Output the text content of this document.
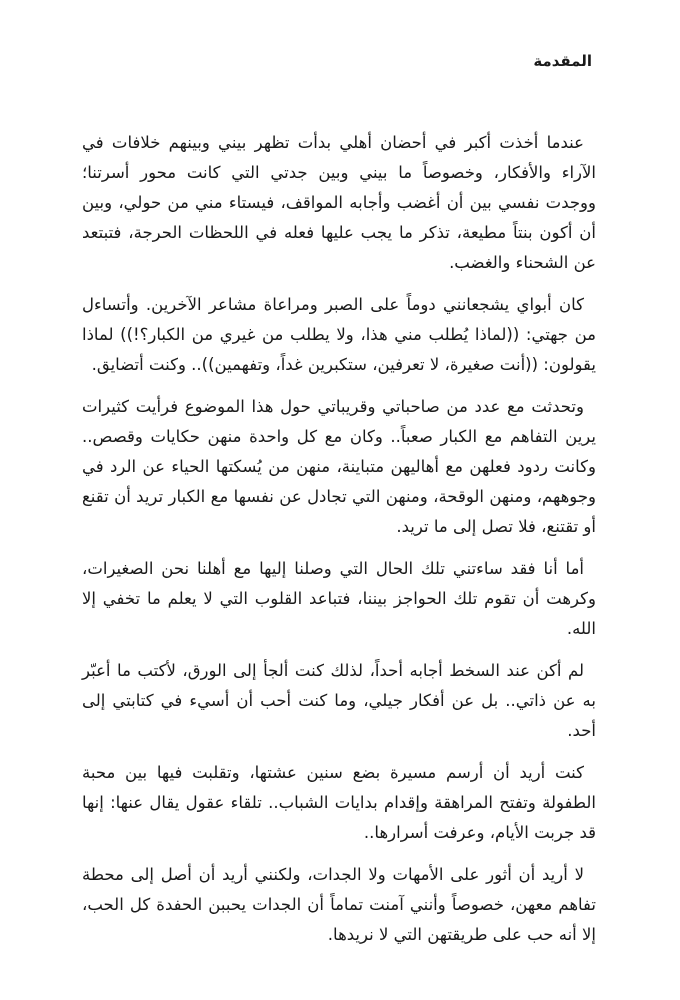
المقدمة

عندما أخذت أكبر في أحضان أهلي بدأت تظهر بيني وبينهم خلافات في الآراء والأفكار، وخصوصاً ما بيني وبين جدتي التي كانت محور أسرتنا؛ ووجدت نفسي بين أن أغضب وأجابه المواقف، فيستاء مني من حولي، وبين أن أكون بنتاً مطيعة، تذكر ما يجب عليها فعله في اللحظات الحرجة، فتبتعد عن الشحناء والغضب.

كان أبواي يشجعانني دوماً على الصبر ومراعاة مشاعر الآخرين. وأتساءل من جهتي: ((لماذا يُطلب مني هذا، ولا يطلب من غيري من الكبار؟!)) لماذا يقولون: ((أنت صغيرة، لا تعرفين، ستكبرين غداً، وتفهمين)).. وكنت أتضايق.

وتحدثت مع عدد من صاحباتي وقريباتي حول هذا الموضوع فرأيت كثيرات يرين التفاهم مع الكبار صعباً.. وكان مع كل واحدة منهن حكايات وقصص.. وكانت ردود فعلهن مع أهاليهن متباينة، منهن من يُسكتها الحياء عن الرد في وجوههم، ومنهن الوقحة، ومنهن التي تجادل عن نفسها مع الكبار تريد أن تقنع أو تقتنع، فلا تصل إلى ما تريد.

أما أنا فقد ساءتني تلك الحال التي وصلنا إليها مع أهلنا نحن الصغيرات، وكرهت أن تقوم تلك الحواجز بيننا، فتباعد القلوب التي لا يعلم ما تخفي إلا الله.

لم أكن عند السخط أجابه أحداً، لذلك كنت ألجأ إلى الورق، لأكتب ما أعبّر به عن ذاتي.. بل عن أفكار جيلي، وما كنت أحب أن أسيء في كتابتي إلى أحد.

كنت أريد أن أرسم مسيرة بضع سنين عشتها، وتقلبت فيها بين محبة الطفولة وتفتح المراهقة وإقدام بدايات الشباب.. تلقاء عقول يقال عنها: إنها قد جربت الأيام، وعرفت أسرارها..

لا أريد أن أثور على الأمهات ولا الجدات، ولكنني أريد أن أصل إلى محطة تفاهم معهن، خصوصاً وأنني آمنت تماماً أن الجدات يحببن الحفدة كل الحب، إلا أنه حب على طريقتهن التي لا نريدها.
